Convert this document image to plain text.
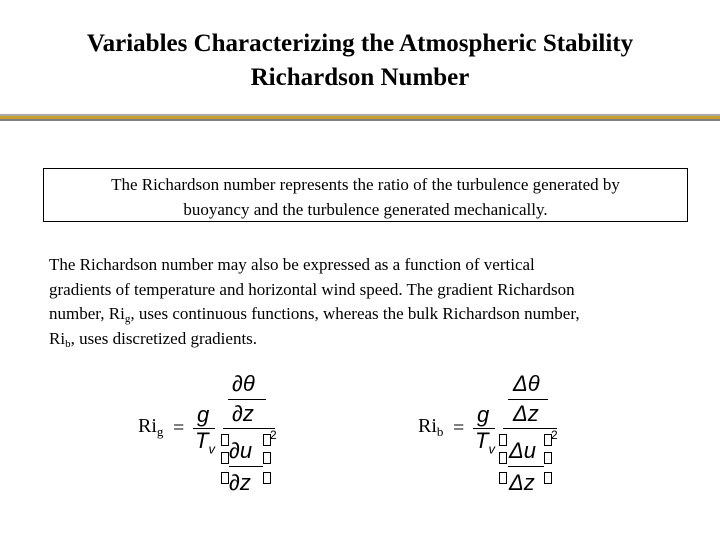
Variables Characterizing the Atmospheric Stability
Richardson Number
The Richardson number represents the ratio of the turbulence generated by
buoyancy and the turbulence generated mechanically.
The Richardson number may also be expressed as a function of vertical
gradients of temperature and horizontal wind speed. The gradient Richardson
number, $Ri_g$, uses continuous functions, whereas the bulk Richardson number,
$Ri_b$, uses discretized gradients.
$Ri_g$ =
g
$T_v$
∂θ
∂z
∂u
2
∂z
$Ri_b$ =
g
$T_v$
Δθ
Δz
Δu
2
Δz
